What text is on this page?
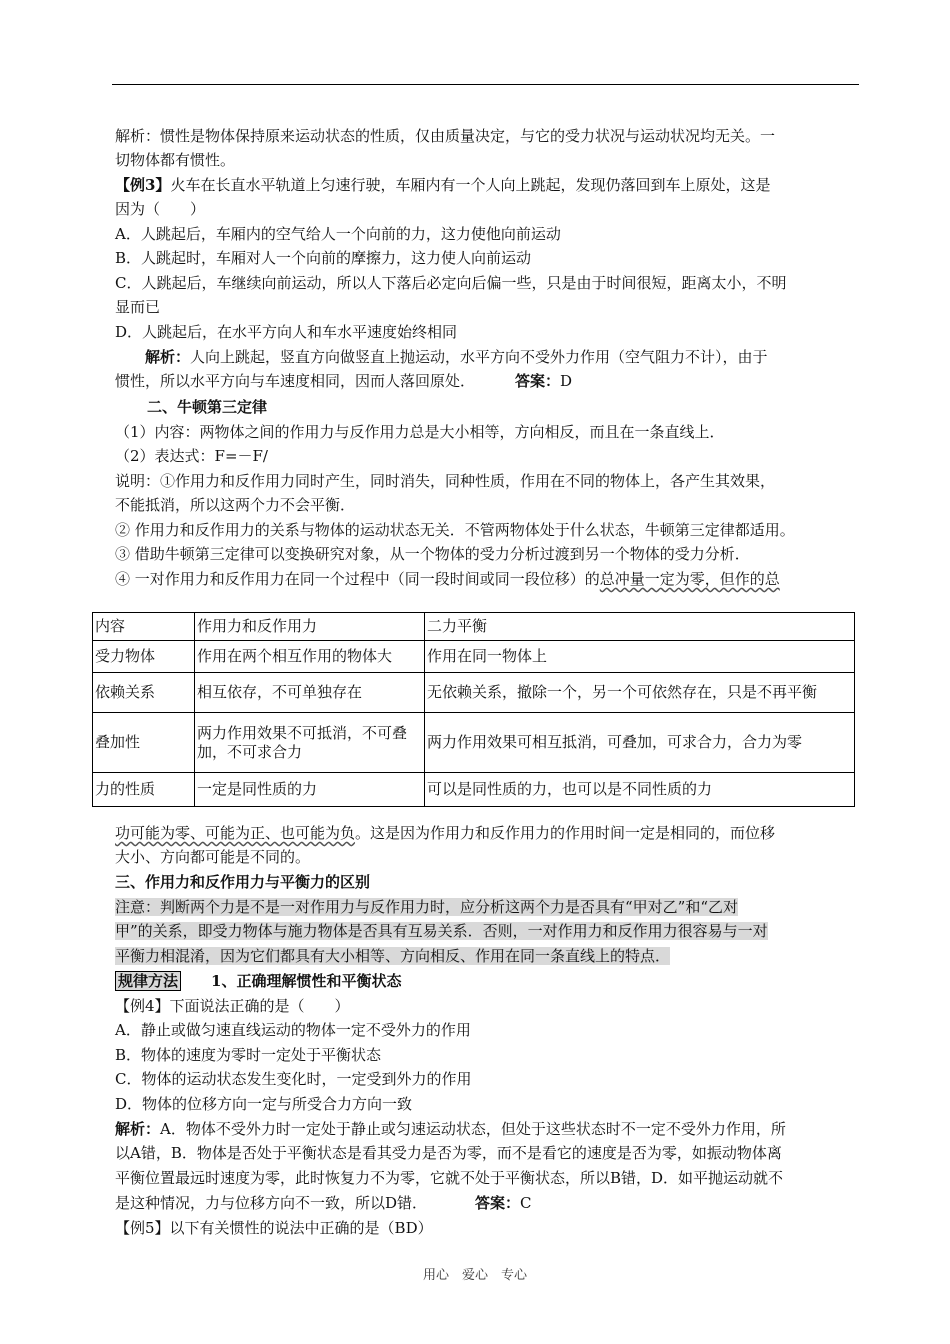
解析：惯性是物体保持原来运动状态的性质，仅由质量决定，与它的受力状况与运动状况均无关。一
切物体都有惯性。
【例3】火车在长直水平轨道上匀速行驶，车厢内有一个人向上跳起，发现仍落回到车上原处，这是
因为（　　）
A．人跳起后，车厢内的空气给人一个向前的力，这力使他向前运动
B．人跳起时，车厢对人一个向前的摩擦力，这力使人向前运动
C．人跳起后，车继续向前运动，所以人下落后必定向后偏一些，只是由于时间很短，距离太小，不明
显而已
D．人跳起后，在水平方向人和车水平速度始终相同
解析：人向上跳起，竖直方向做竖直上抛运动，水平方向不受外力作用（空气阻力不计），由于
惯性，所以水平方向与车速度相同，因而人落回原处．	答案：D
二、牛顿第三定律
（1）内容：两物体之间的作用力与反作用力总是大小相等，方向相反，而且在一条直线上．
（2）表达式：F=－F/
说明：①作用力和反作用力同时产生，同时消失，同种性质，作用在不同的物体上，各产生其效果，
不能抵消，所以这两个力不会平衡．
② 作用力和反作用力的关系与物体的运动状态无关．不管两物体处于什么状态，牛顿第三定律都适用。
③ 借助牛顿第三定律可以变换研究对象，从一个物体的受力分析过渡到另一个物体的受力分析．
④ 一对作用力和反作用力在同一个过程中（同一段时间或同一段位移）的总冲量一定为零，但作的总
内容	作用力和反作用力	二力平衡
受力物体	作用在两个相互作用的物体大	作用在同一物体上
依赖关系	相互依存，不可单独存在	无依赖关系，撤除一个，另一个可依然存在，只是不再平衡
叠加性	两力作用效果不可抵消，不可叠加，不可求合力	两力作用效果可相互抵消，可叠加，可求合力，合力为零
力的性质	一定是同性质的力	可以是同性质的力，也可以是不同性质的力
功可能为零、可能为正、也可能为负。这是因为作用力和反作用力的作用时间一定是相同的，而位移
大小、方向都可能是不同的。
三、作用力和反作用力与平衡力的区别
注意：判断两个力是不是一对作用力与反作用力时，应分析这两个力是否具有“甲对乙”和“乙对
甲”的关系，即受力物体与施力物体是否具有互易关系．否则，一对作用力和反作用力很容易与一对
平衡力相混淆，因为它们都具有大小相等、方向相反、作用在同一条直线上的特点．
规律方法 1、正确理解惯性和平衡状态
【例4】下面说法正确的是（　　）
A．静止或做匀速直线运动的物体一定不受外力的作用
B．物体的速度为零时一定处于平衡状态
C．物体的运动状态发生变化时，一定受到外力的作用
D．物体的位移方向一定与所受合力方向一致
解析：A．物体不受外力时一定处于静止或匀速运动状态，但处于这些状态时不一定不受外力作用，所
以A错，B．物体是否处于平衡状态是看其受力是否为零，而不是看它的速度是否为零，如振动物体离
平衡位置最远时速度为零，此时恢复力不为零，它就不处于平衡状态，所以B错，D．如平抛运动就不
是这种情况，力与位移方向不一致，所以D错．	答案：C
【例5】以下有关惯性的说法中正确的是（BD）
用心　爱心　专心
